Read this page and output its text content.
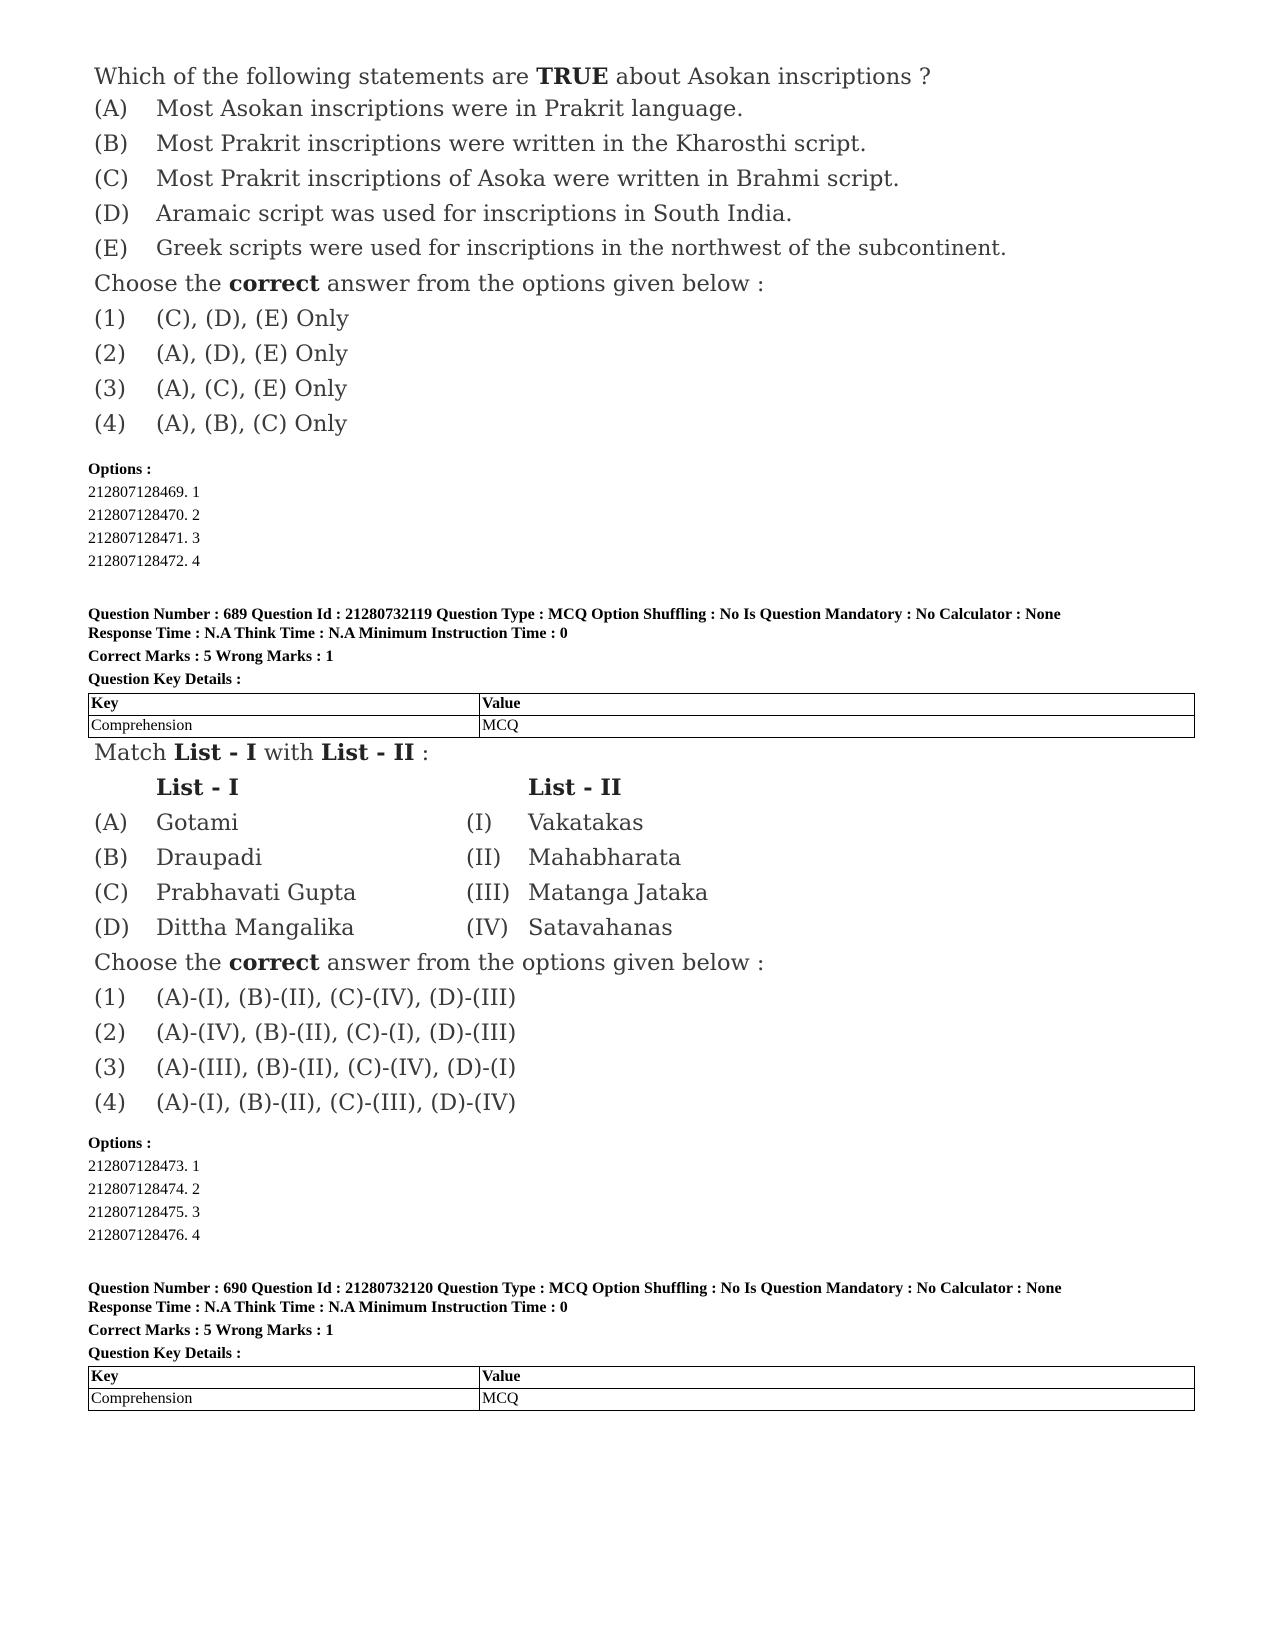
Which of the following statements are TRUE about Asokan inscriptions ?
(A) Most Asokan inscriptions were in Prakrit language.
(B) Most Prakrit inscriptions were written in the Kharosthi script.
(C) Most Prakrit inscriptions of Asoka were written in Brahmi script.
(D) Aramaic script was used for inscriptions in South India.
(E) Greek scripts were used for inscriptions in the northwest of the subcontinent.
Choose the correct answer from the options given below :
(1) (C), (D), (E) Only
(2) (A), (D), (E) Only
(3) (A), (C), (E) Only
(4) (A), (B), (C) Only
Options :
212807128469. 1
212807128470. 2
212807128471. 3
212807128472. 4
Question Number : 689 Question Id : 21280732119 Question Type : MCQ Option Shuffling : No Is Question Mandatory : No Calculator : None
Response Time : N.A Think Time : N.A Minimum Instruction Time : 0
Correct Marks : 5 Wrong Marks : 1
Question Key Details :
Key	Value
Comprehension	MCQ
Match List - I with List - II :
List - I	List - II
(A) Gotami	(I) Vakatakas
(B) Draupadi	(II) Mahabharata
(C) Prabhavati Gupta	(III) Matanga Jataka
(D) Dittha Mangalika	(IV) Satavahanas
Choose the correct answer from the options given below :
(1) (A)-(I), (B)-(II), (C)-(IV), (D)-(III)
(2) (A)-(IV), (B)-(II), (C)-(I), (D)-(III)
(3) (A)-(III), (B)-(II), (C)-(IV), (D)-(I)
(4) (A)-(I), (B)-(II), (C)-(III), (D)-(IV)
Options :
212807128473. 1
212807128474. 2
212807128475. 3
212807128476. 4
Question Number : 690 Question Id : 21280732120 Question Type : MCQ Option Shuffling : No Is Question Mandatory : No Calculator : None
Response Time : N.A Think Time : N.A Minimum Instruction Time : 0
Correct Marks : 5 Wrong Marks : 1
Question Key Details :
Key	Value
Comprehension	MCQ
